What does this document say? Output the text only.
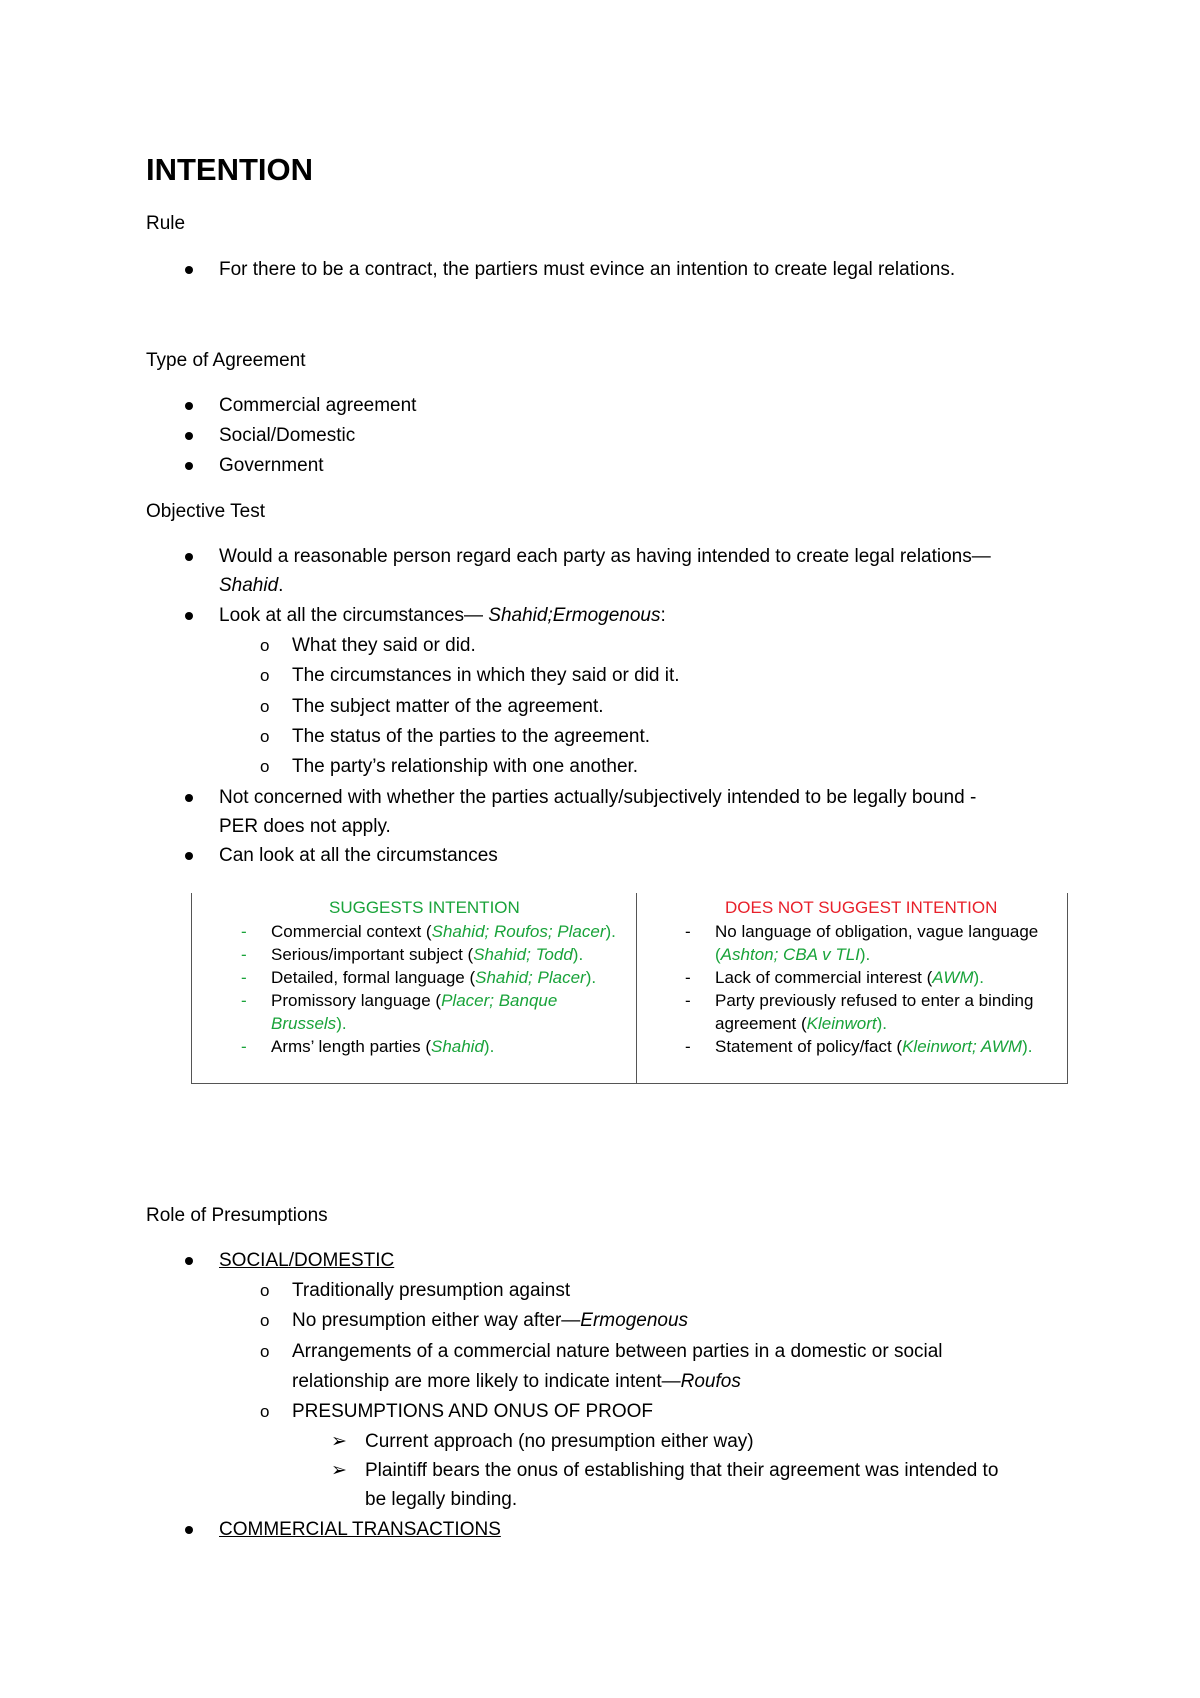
INTENTION
Rule
For there to be a contract, the partiers must evince an intention to create legal relations.
Type of Agreement
Commercial agreement
Social/Domestic
Government
Objective Test
Would a reasonable person regard each party as having intended to create legal relations—
Shahid.
Look at all the circumstances— Shahid;Ermogenous:
o What they said or did.
o The circumstances in which they said or did it.
o The subject matter of the agreement.
o The status of the parties to the agreement.
o The party’s relationship with one another.
Not concerned with whether the parties actually/subjectively intended to be legally bound -
PER does not apply.
Can look at all the circumstances
SUGGESTS INTENTION	DOES NOT SUGGEST INTENTION
- Commercial context (Shahid; Roufos; Placer).
- Serious/important subject (Shahid; Todd).
- Detailed, formal language (Shahid; Placer).
- Promissory language (Placer; Banque
Brussels).
- Arms’ length parties (Shahid).
- No language of obligation, vague language
(Ashton; CBA v TLI).
- Lack of commercial interest (AWM).
- Party previously refused to enter a binding
agreement (Kleinwort).
- Statement of policy/fact (Kleinwort; AWM).
Role of Presumptions
SOCIAL/DOMESTIC
o Traditionally presumption against
o No presumption either way after—Ermogenous
o Arrangements of a commercial nature between parties in a domestic or social
relationship are more likely to indicate intent—Roufos
o PRESUMPTIONS AND ONUS OF PROOF
➢ Current approach (no presumption either way)
➢ Plaintiff bears the onus of establishing that their agreement was intended to
be legally binding.
COMMERCIAL TRANSACTIONS
